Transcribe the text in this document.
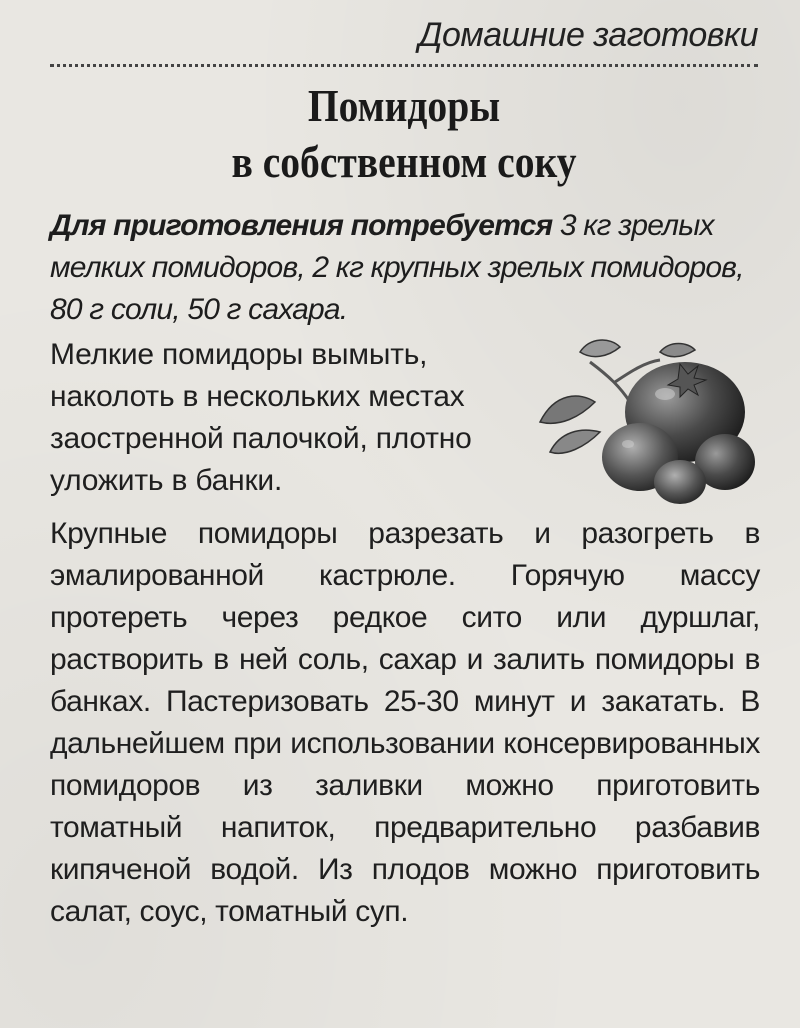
Домашние заготовки
Помидоры
в собственном соку
Для приготовления потребуется 3 кг зрелых мелких помидоров, 2 кг крупных зрелых помидоров, 80 г соли, 50 г сахара.
Мелкие помидоры вымыть, наколоть в нескольких местах заостренной палочкой, плотно уложить в банки.
Крупные помидоры разрезать и разогреть в эмалированной кастрюле. Горячую массу протереть через редкое сито или дуршлаг, растворить в ней соль, сахар и залить помидоры в банках. Пастеризовать 25-30 минут и закатать. В дальнейшем при использовании консервированных помидоров из заливки можно приготовить томатный напиток, предварительно разбавив кипяченой водой. Из плодов можно приготовить салат, соус, томатный суп.
